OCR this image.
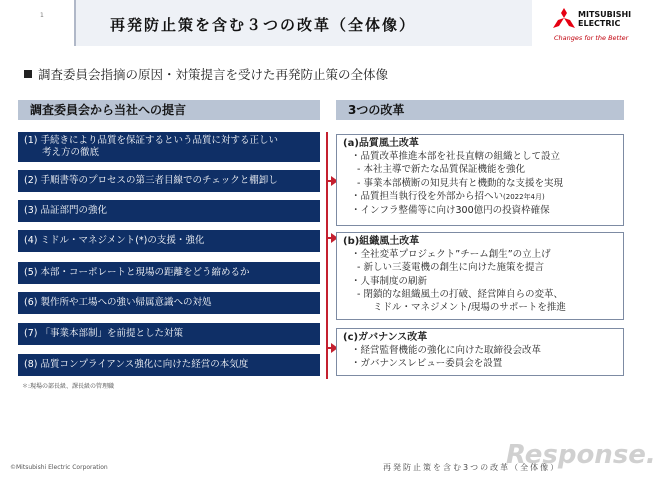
1
再発防止策を含む３つの改革（全体像）
MITSUBISHI
ELECTRIC
Changes for the Better
調査委員会指摘の原因・対策提言を受けた再発防止策の全体像
調査委員会から当社への提言	3つの改革
(1) 手続きにより品質を保証するという品質に対する正しい
考え方の徹底
(2) 手順書等のプロセスの第三者目線でのチェックと棚卸し
(3) 品証部門の強化
(4) ミドル・マネジメント(*)の支援・強化
(5) 本部・コーポレートと現場の距離をどう縮めるか
(6) 製作所や工場への強い帰属意識への対処
(7) 「事業本部制」を前提とした対策
(8) 品質コンプライアンス強化に向けた経営の本気度
＊:現場の部長級、課長級の管理職
(a)品質風土改革
・品質改革推進本部を社長直轄の組織として設立
- 本社主導で新たな品質保証機能を強化
- 事業本部横断の知見共有と機動的な支援を実現
・品質担当執行役を外部から招へい(2022年4月)
・インフラ整備等に向け300億円の投資枠確保
(b)組織風土改革
・全社変革プロジェクト”チーム創生”の立上げ
- 新しい三菱電機の創生に向けた施策を提言
・人事制度の刷新
- 閉鎖的な組織風土の打破、経営陣自らの変革、
ミドル・マネジメント/現場のサポートを推進
(c)ガバナンス改革
・経営監督機能の強化に向けた取締役会改革
・ガバナンスレビュー委員会を設置
Response.
©Mitsubishi Electric Corporation	再発防止策を含む3つの改革（全体像）
